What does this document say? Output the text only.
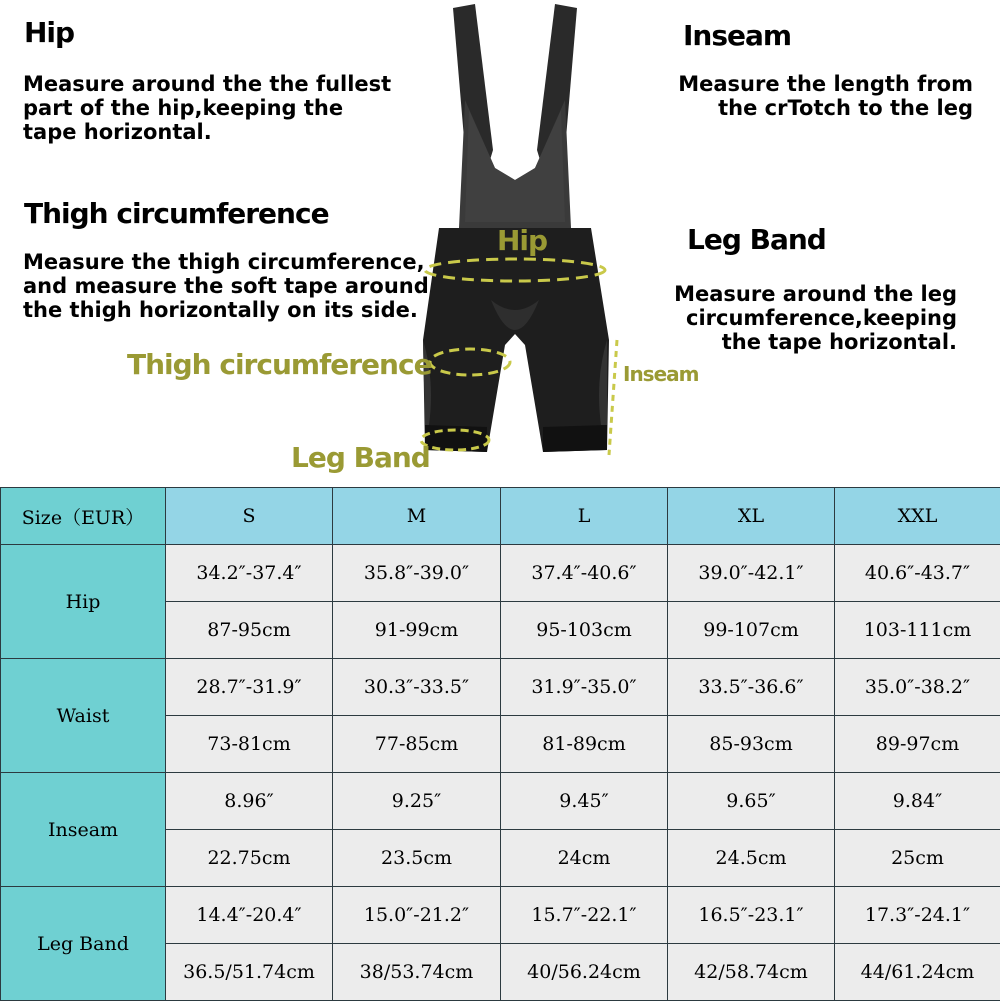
Hip
Measure around the the fullest
part of the hip,keeping the
tape horizontal.
Thigh circumference
Measure the thigh circumference,
and measure the soft tape around
the thigh horizontally on its side.
Inseam
Measure the length from
the crTotch to the leg
Leg Band
Measure around the leg
circumference,keeping
the tape horizontal.
Hip
Thigh circumference	Inseam
Leg Band
Size（EUR）	S	M	L	XL	XXL
Hip	34.2″-37.4″	35.8″-39.0″	37.4″-40.6″	39.0″-42.1″	40.6″-43.7″
	87-95cm	91-99cm	95-103cm	99-107cm	103-111cm
Waist	28.7″-31.9″	30.3″-33.5″	31.9″-35.0″	33.5″-36.6″	35.0″-38.2″
	73-81cm	77-85cm	81-89cm	85-93cm	89-97cm
Inseam	8.96″	9.25″	9.45″	9.65″	9.84″
	22.75cm	23.5cm	24cm	24.5cm	25cm
Leg Band	14.4″-20.4″	15.0″-21.2″	15.7″-22.1″	16.5″-23.1″	17.3″-24.1″
	36.5/51.74cm	38/53.74cm	40/56.24cm	42/58.74cm	44/61.24cm
